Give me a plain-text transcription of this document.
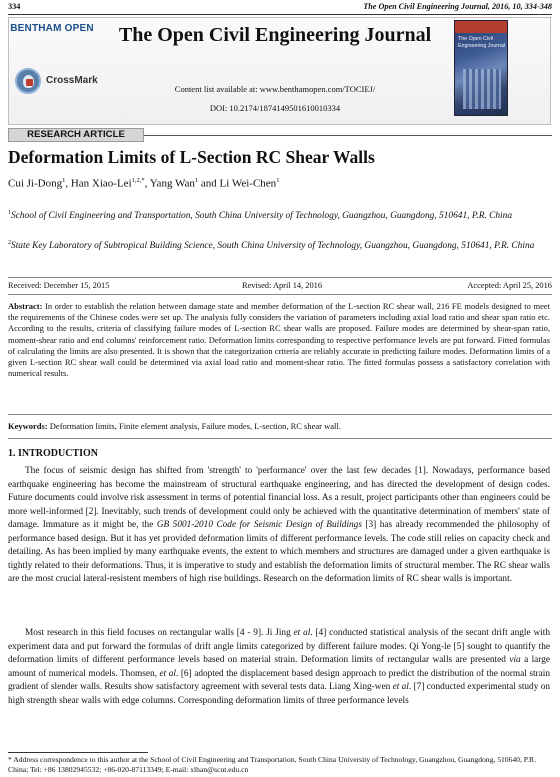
334	The Open Civil Engineering Journal, 2016, 10, 334-348
BENTHAM OPEN
CrossMark
The Open Civil Engineering Journal
Content list available at: www.benthamopen.com/TOCIEJ/
DOI: 10.2174/1874149501610010334
The Open Civil Engineering Journal
RESEARCH ARTICLE
Deformation Limits of L-Section RC Shear Walls
Cui Ji-Dong$^1$, Han Xiao-Lei$^{1,2,*}$, Yang Wan$^1$ and Li Wei-Chen$^1$
$^1$School of Civil Engineering and Transportation, South China University of Technology, Guangzhou, Guangdong, 510641, P.R. China
$^2$State Key Laboratory of Subtropical Building Science, South China University of Technology, Guangzhou, Guangdong, 510641, P.R. China
Received: December 15, 2015	Revised: April 14, 2016	Accepted: April 25, 2016
Abstract: In order to establish the relation between damage state and member deformation of the L-section RC shear wall, 216 FE models designed to meet the requirements of the Chinese codes were set up. The analysis fully considers the variation of parameters including axial load ratio and shear span ratio etc. According to the results, criteria of classifying failure modes of L-section RC shear walls are proposed. Failure modes are determined by shear-span ratio, moment-shear ratio and end columns' reinforcement ratio. Deformation limits corresponding to respective performance levels are put forward. Fitted formulas of calculating the limits are also presented. It is shown that the categorization criteria are reliably accurate in predicting failure modes. Deformation limits of a given L-section RC shear wall could be determined via axial load ratio and moment-shear ratio. The fitted formulas possess a satisfactory correlation with numerical results.
Keywords: Deformation limits, Finite element analysis, Failure modes, L-section, RC shear wall.
1. INTRODUCTION
The focus of seismic design has shifted from 'strength' to 'performance' over the last few decades [1]. Nowadays, performance based earthquake engineering has become the mainstream of structural earthquake engineering, and has directed the development of design codes. Future documents could involve risk assessment in terms of potential financial loss. As a result, project participants other than engineers could be more well-informed [2]. Inevitably, such trends of development could only be achieved with the quantitative determination of members' state of damage. Immature as it might be, the GB 5001-2010 Code for Seismic Design of Buildings [3] has already recommended the philosophy of performance based design. But it has yet provided deformation limits of different performance levels. The code still relies on capacity check and detailing. As has been implied by many earthquake events, the extent to which members and structures are damaged under a given earthquake is tightly related to their deformations. Thus, it is imperative to study and establish the deformation limits of structural member. The RC shear walls are the most crucial lateral-resistent members of high rise buildings. Research on the deformation limits of RC shear walls is important.
Most research in this field focuses on rectangular walls [4 - 9]. Ji Jing et al. [4] conducted statistical analysis of the secant drift angle with experiment data and put forward the formulas of drift angle limits categorized by different failure modes. Qi Yong-le [5] sought to quantify the deformation limits of different performance levels based on material strain. Deformation limits of rectangular walls are presented via a large amount of numerical models. Thomsen, et al. [6] adopted the displacement based design approach to predict the distribution of the normal strain gradient of slender walls. Results show satisfactory agreement with several tests data. Liang Xing-wen et al. [7] conducted experimental study on high strength shear walls with edge columns. Corresponding deformation limits of three performance levels
* Address correspondence to this author at the School of Civil Engineering and Transportation, South China University of Technology, Guangzhou, Guangdong, 510640, P.R. China; Tel: +86 13802945532; +86-020-87113349; E-mail: xlhan@scut.edu.cn
